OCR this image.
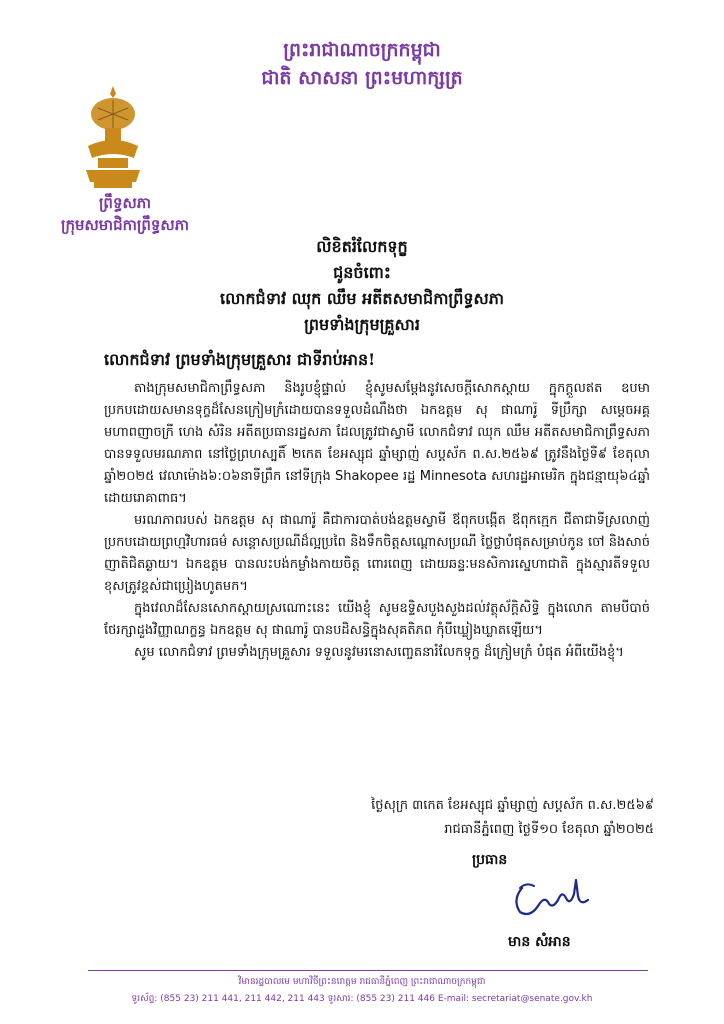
ព្រះរាជាណាចក្រកម្ពុជា
ជាតិ សាសនា ព្រះមហាក្សត្រ
ព្រឹទ្ធសភា
ក្រុមសមាជិកាព្រឹទ្ធសភា
លិខិតរំលែកទុក្ខ
ជូនចំពោះ
លោកជំទាវ ឈុក ឈឹម អតីតសមាជិកាព្រឹទ្ធសភា
ព្រមទាំងក្រុមគ្រួសារ
លោកជំទាវ ព្រមទាំងក្រុមគ្រួសារ ជាទីរាប់អាន!

តាងក្រុមសមាជិកាព្រឹទ្ធសភា និងរូបខ្ញុំផ្ទាល់ ខ្ញុំសូមសម្តែងនូវសេចក្តីសោកស្តាយ ក្នុកក្តួលឥត ឧបមា ប្រកបដោយសមានទុក្ខដ៏សែនក្រៀមក្រំដោយបានទទួលដំណឹងថា ឯកឧត្តម សុ ផាណារ៉ូ ទីប្រឹក្សា សម្តេចអគ្គមហាពញាចក្រី ហេង សំរិន អតីតប្រធានរដ្ឋសភា ដែលត្រូវជាស្វាមី លោកជំទាវ ឈុក ឈឹម អតីតសមាជិកាព្រឹទ្ធសភា បានទទួលមរណភាព នៅថ្ងៃព្រហស្បតិ៍ ២កេត ខែអស្សុជ ឆ្នាំម្សាញ់ សប្តស័ក ព.ស.២៥៦៩ ត្រូវនឹងថ្ងៃទី៩ ខែតុលា ឆ្នាំ២០២៥ វេលាម៉ោង៦:០៦នាទីព្រឹក នៅទីក្រុង Shakopee រដ្ឋ Minnesota សហរដ្ឋអាមេរិក ក្នុងជន្មាយុ៦៤ឆ្នាំ ដោយរោគាពាធ។

មរណភាពរបស់ ឯកឧត្តម សុ ផាណារ៉ូ គឺជាការបាត់បង់ឧត្តមស្វាមី ឪពុកបង្កើត ឪពុកក្មេក ជីតាជាទីស្រលាញ់ ប្រកបដោយព្រហ្មវិហារធម៌ សន្តោសប្រណីដ៏ល្អប្រពៃ និងទឹកចិត្តសណ្តោសប្រណី ថ្លៃថ្លាបំផុតសម្រាប់កូន ចៅ និងសាច់ញាតិជិតឆ្ងាយ។ ឯកឧត្តម បានលះបង់កម្លាំងកាយចិត្ត ពោរពេញ ដោយឆន្ទៈមនសិការស្នេហាជាតិ ក្នុងស្មារតីទទួលខុសត្រូវខ្ពស់ជាប្រៀងហូតមក។

ក្នុងវេលាដ៏សែនសោកស្តាយស្រណោះនេះ យើងខ្ញុំ សូមឧទ្ទិសបួងសួងដល់វត្ថុស័ក្តិសិទ្ធិ ក្នុងលោក តាមបីបាច់ថែរក្សាដួងវិញ្ញាណក្ខន្ធ ឯកឧត្តម សុ ផាណារ៉ូ បានបដិសន្ធិក្នុងសុគតិភព កុំបីឃ្លៀងឃ្លាតឡើយ។

សូម លោកជំទាវ ព្រមទាំងក្រុមគ្រួសារ ទទួលនូវមរនោសញ្ចេតនារំលែកទុក្ខ ដ៏ក្រៀមក្រំ បំផុត អំពីយើងខ្ញុំ។

ថ្ងៃសុក្រ ៣កេត ខែអស្សុជ ឆ្នាំម្សាញ់ សប្តស័ក ព.ស.២៥៦៩
រាជធានីភ្នំពេញ ថ្ងៃទី១០ ខែតុលា ឆ្នាំ២០២៥
ប្រធាន
មាន សំអាន
វិមានរដ្ឋបាលមេ មហាវិថីព្រះនរោត្តម រាជធានីភ្នំពេញ ព្រះរាជាណាចក្រកម្ពុជា
ទូរស័ព្ទ: (855 23) 211 441, 211 442, 211 443 ទូរសារ: (855 23) 211 446 E-mail: secretariat@senate.gov.kh
